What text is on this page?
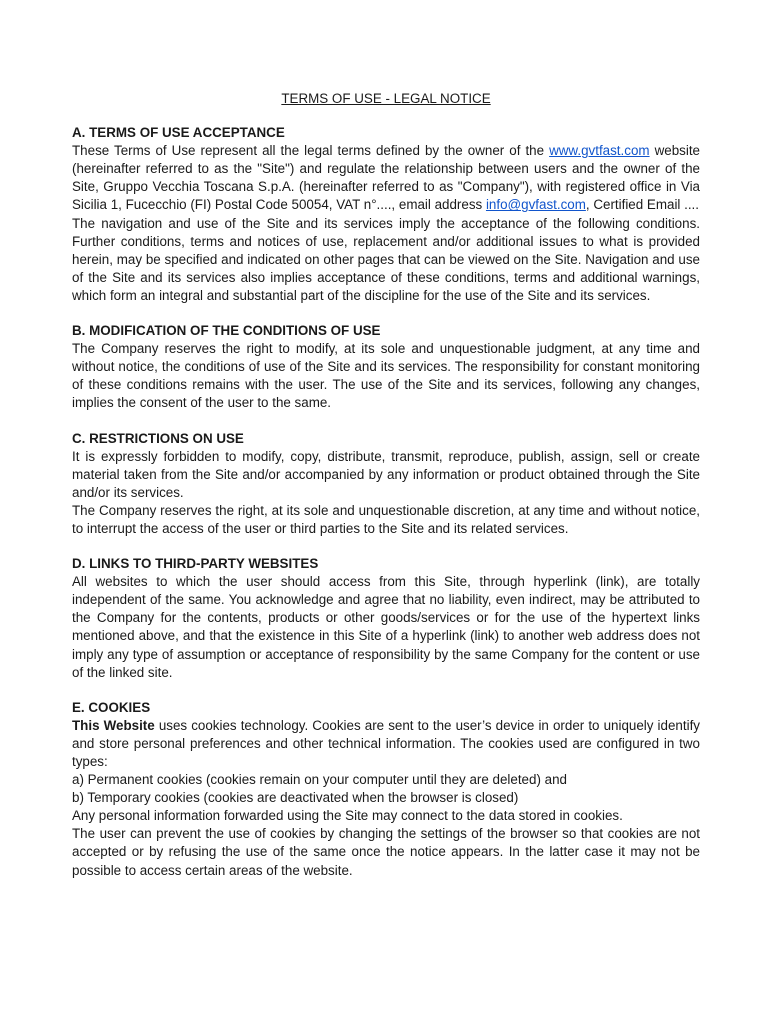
TERMS OF USE - LEGAL NOTICE
A. TERMS OF USE ACCEPTANCE

These Terms of Use represent all the legal terms defined by the owner of the www.gvtfast.com website (hereinafter referred to as the "Site") and regulate the relationship between users and the owner of the Site, Gruppo Vecchia Toscana S.p.A. (hereinafter referred to as "Company"), with registered office in Via Sicilia 1, Fucecchio (FI) Postal Code 50054, VAT n°...., email address info@gvfast.com, Certified Email ....

The navigation and use of the Site and its services imply the acceptance of the following conditions. Further conditions, terms and notices of use, replacement and/or additional issues to what is provided herein, may be specified and indicated on other pages that can be viewed on the Site. Navigation and use of the Site and its services also implies acceptance of these conditions, terms and additional warnings, which form an integral and substantial part of the discipline for the use of the Site and its services.

B. MODIFICATION OF THE CONDITIONS OF USE

The Company reserves the right to modify, at its sole and unquestionable judgment, at any time and without notice, the conditions of use of the Site and its services. The responsibility for constant monitoring of these conditions remains with the user. The use of the Site and its services, following any changes, implies the consent of the user to the same.

C. RESTRICTIONS ON USE

It is expressly forbidden to modify, copy, distribute, transmit, reproduce, publish, assign, sell or create material taken from the Site and/or accompanied by any information or product obtained through the Site and/or its services.

The Company reserves the right, at its sole and unquestionable discretion, at any time and without notice, to interrupt the access of the user or third parties to the Site and its related services.

D. LINKS TO THIRD-PARTY WEBSITES

All websites to which the user should access from this Site, through hyperlink (link), are totally independent of the same. You acknowledge and agree that no liability, even indirect, may be attributed to the Company for the contents, products or other goods/services or for the use of the hypertext links mentioned above, and that the existence in this Site of a hyperlink (link) to another web address does not imply any type of assumption or acceptance of responsibility by the same Company for the content or use of the linked site.

E. COOKIES

This Website uses cookies technology. Cookies are sent to the user’s device in order to uniquely identify and store personal preferences and other technical information. The cookies used are configured in two types:

a) Permanent cookies (cookies remain on your computer until they are deleted) and
b) Temporary cookies (cookies are deactivated when the browser is closed)

Any personal information forwarded using the Site may connect to the data stored in cookies.

The user can prevent the use of cookies by changing the settings of the browser so that cookies are not accepted or by refusing the use of the same once the notice appears. In the latter case it may not be possible to access certain areas of the website.
